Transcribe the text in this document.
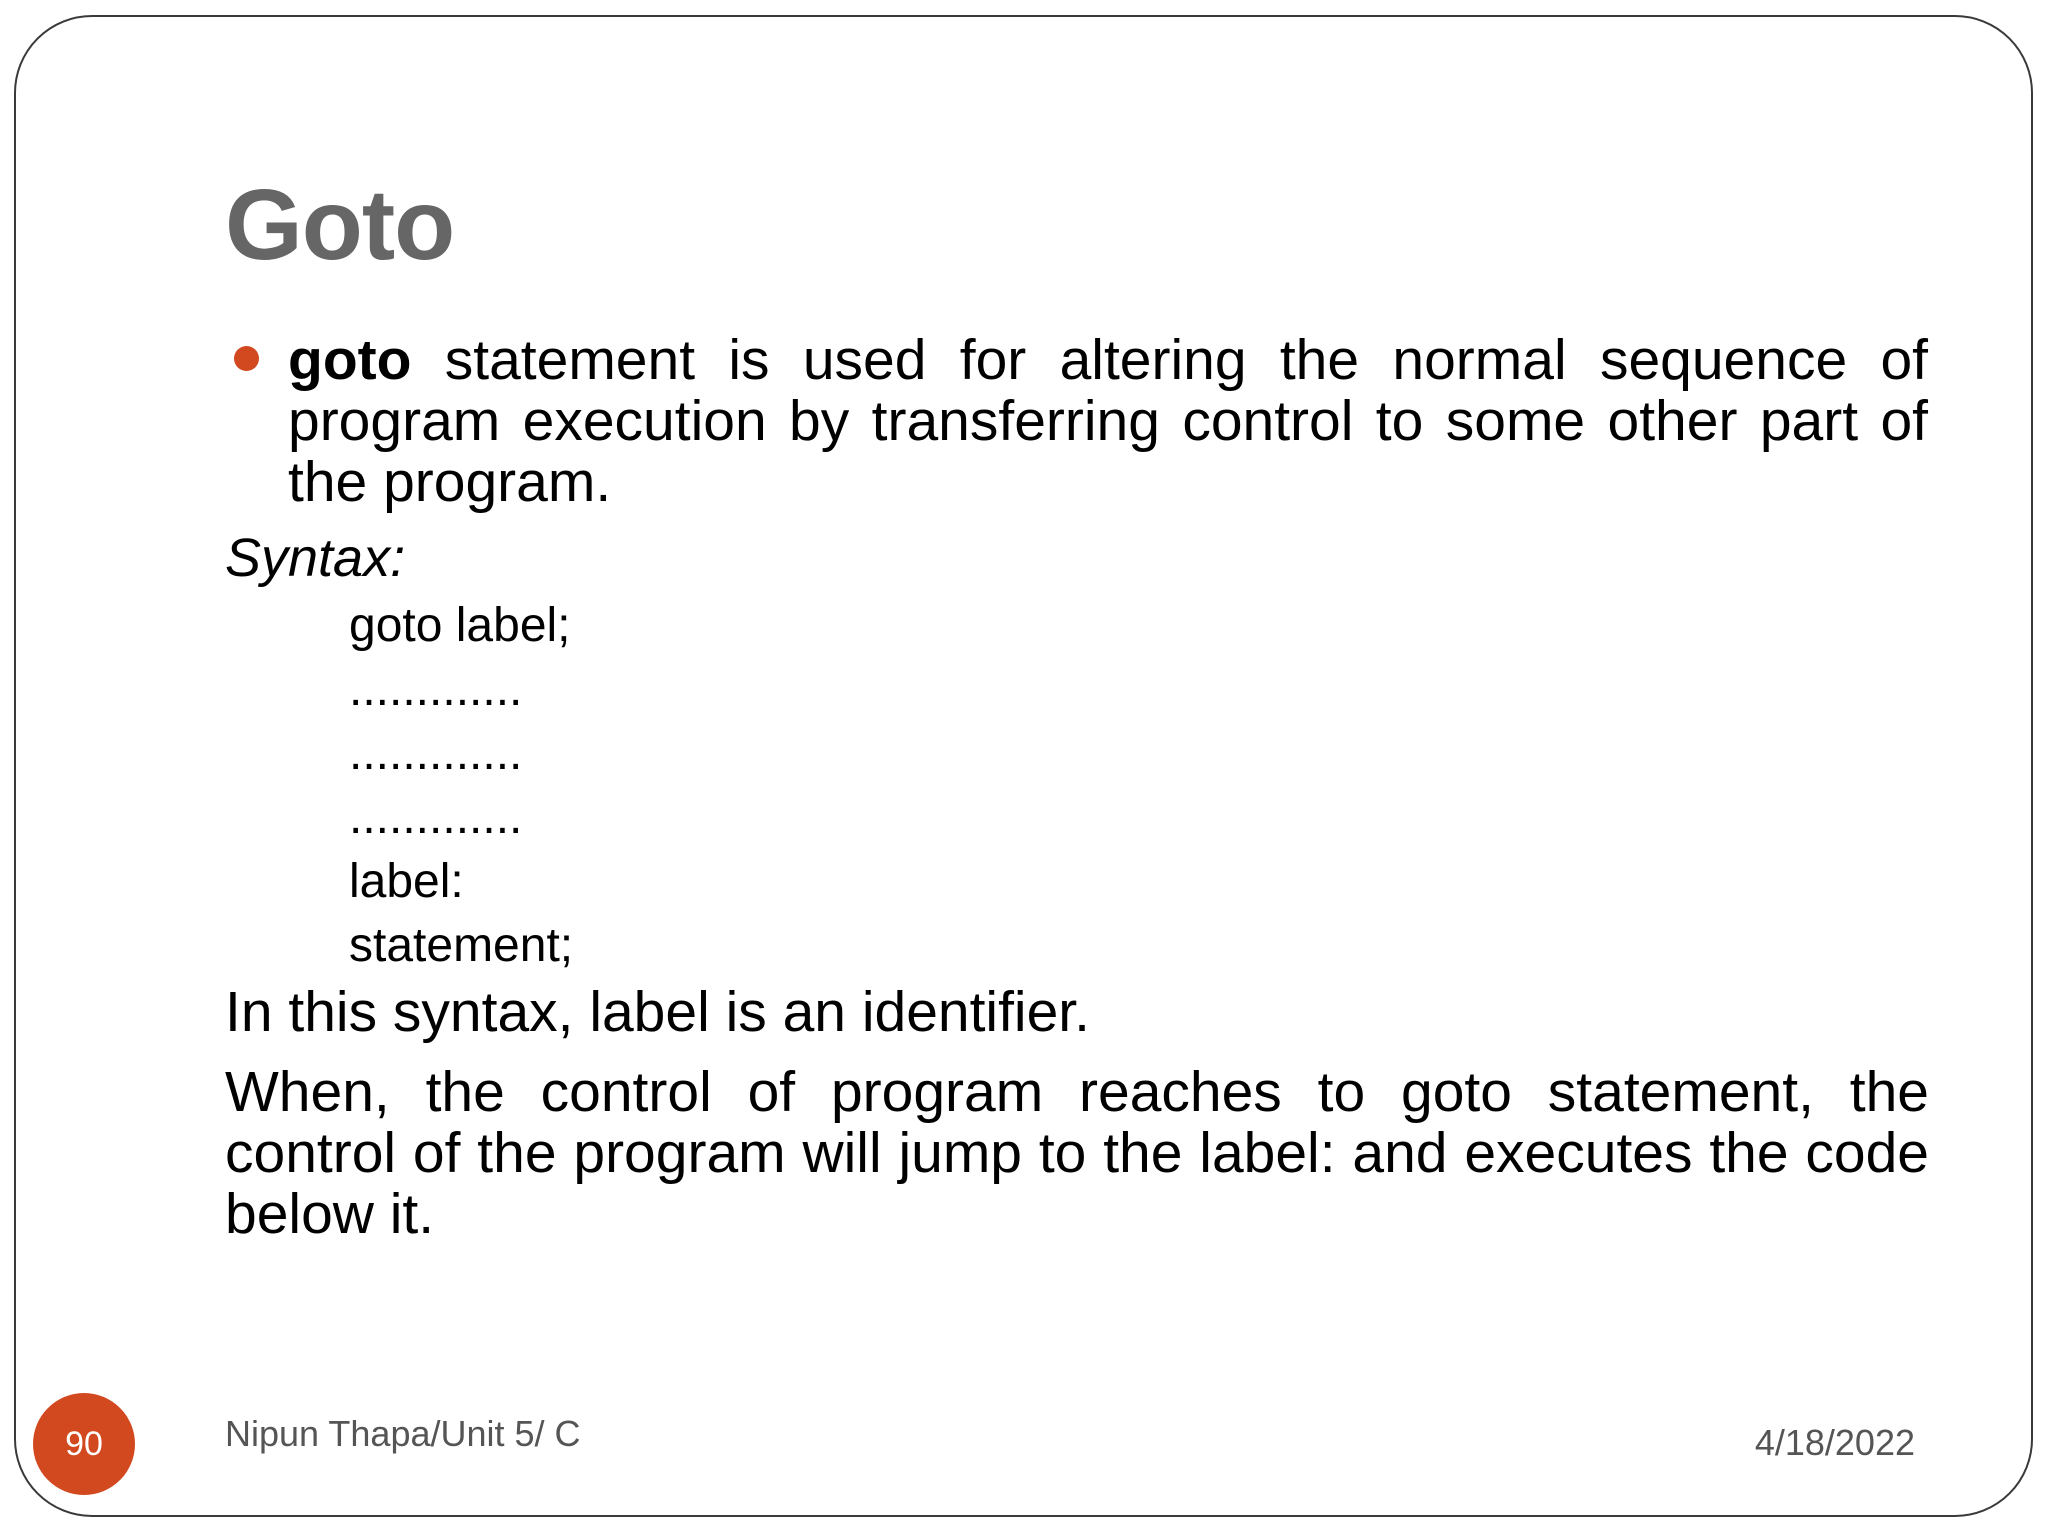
Goto

goto statement is used for altering the normal sequence of program execution by transferring control to some other part of the program.

Syntax:

goto label;
.............
.............
.............
label:
statement;

In this syntax, label is an identifier.

When, the control of program reaches to goto statement, the control of the program will jump to the label: and executes the code below it.

90	Nipun Thapa/Unit 5/ C	4/18/2022
